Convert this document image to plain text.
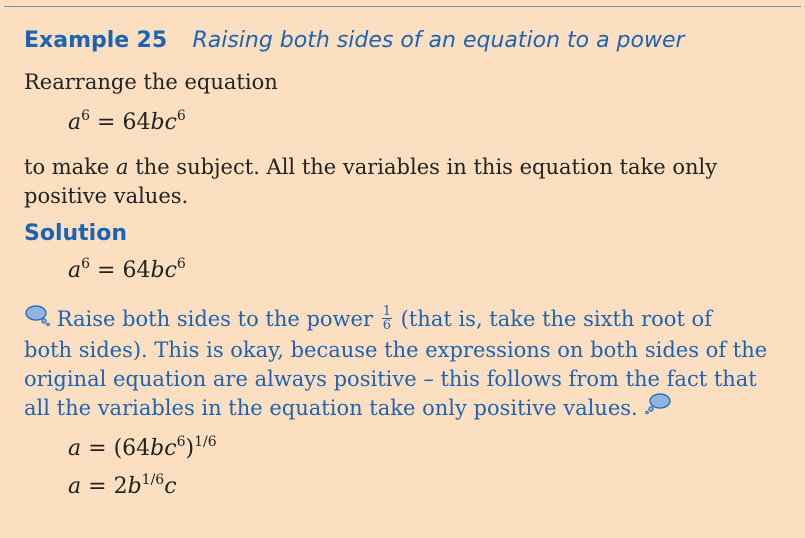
Example 25 Raising both sides of an equation to a power
Rearrange the equation
$a^6 = 64bc^6$
to make a the subject. All the variables in this equation take only
positive values.
Solution
$a^6 = 64bc^6$
Raise both sides to the power $\frac{1}{6}$ (that is, take the sixth root of
both sides). This is okay, because the expressions on both sides of the
original equation are always positive – this follows from the fact that
all the variables in the equation take only positive values.
$a = (64bc^6)^{1/6}$
$a = 2b^{1/6}c$
